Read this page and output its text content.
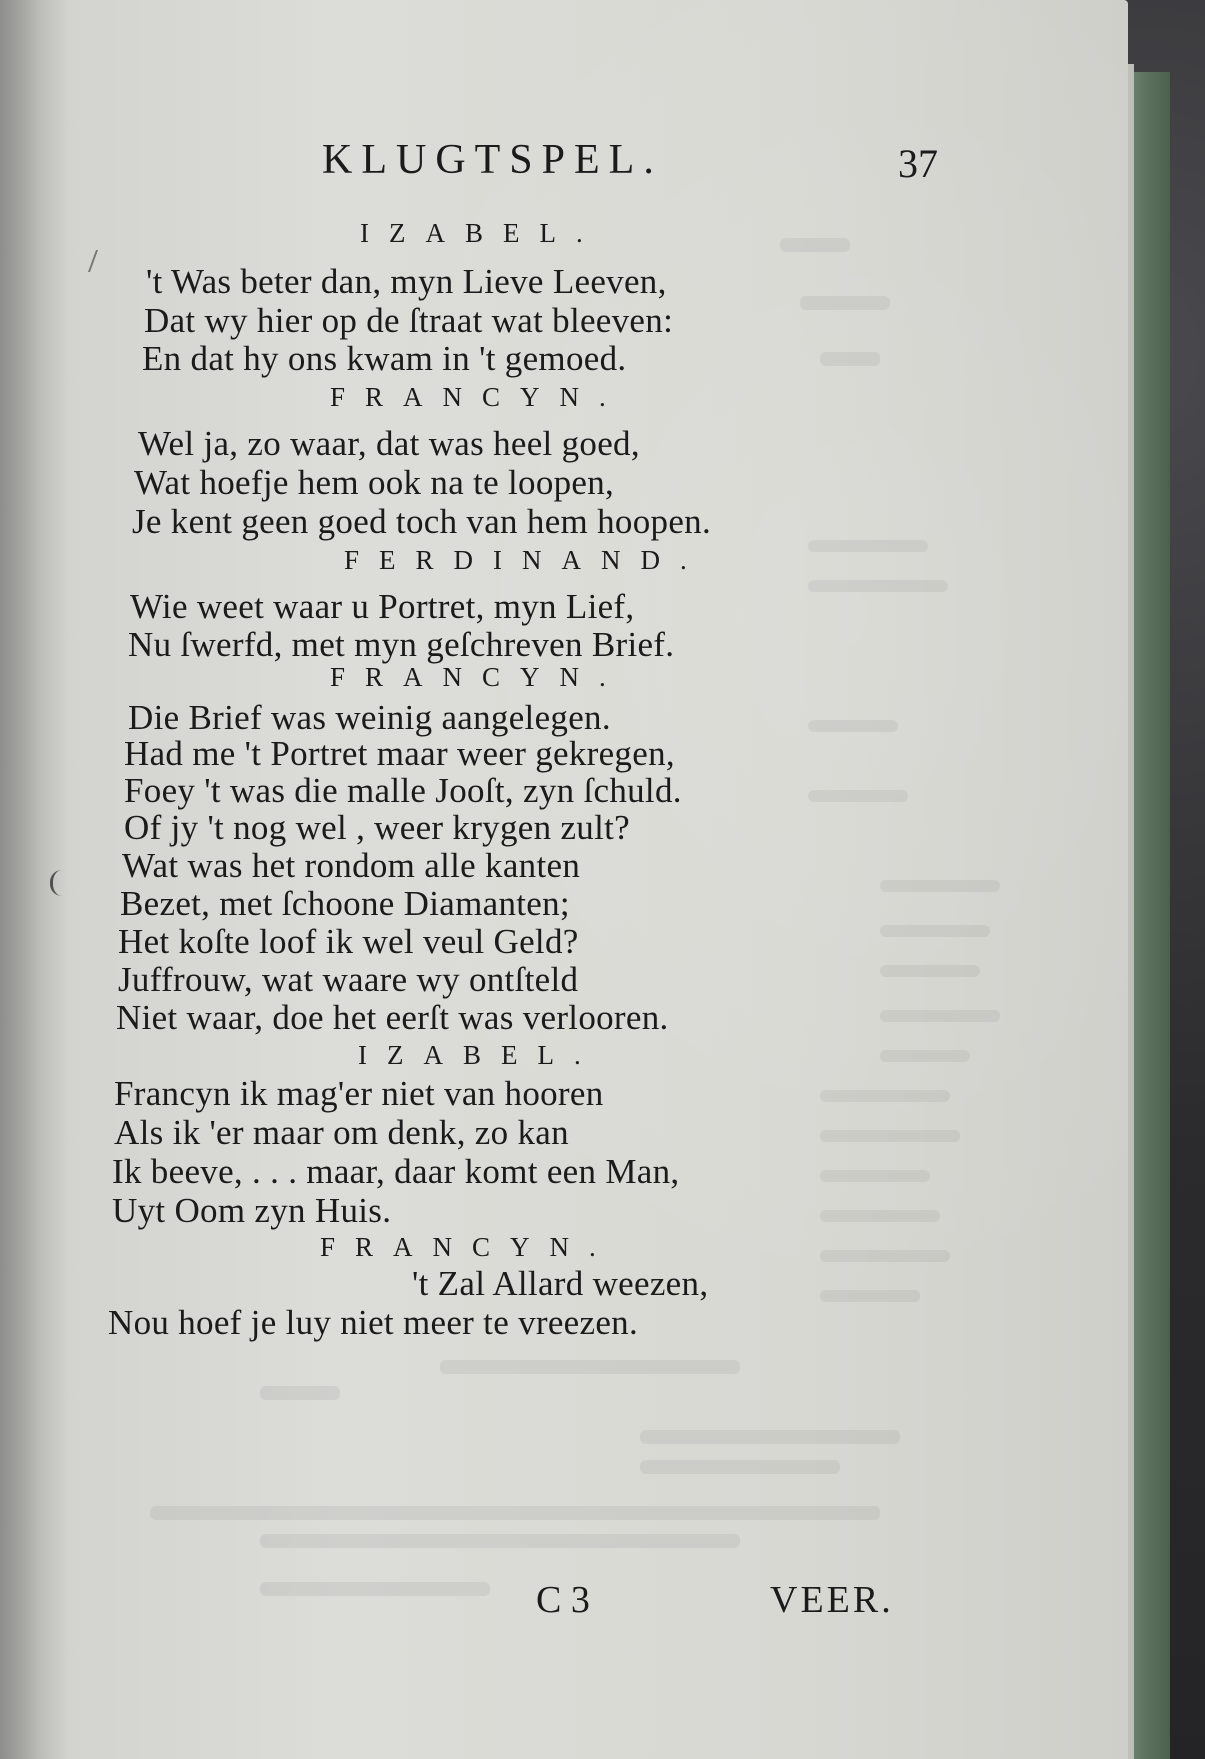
KLUGTSPEL.	37
IZABEL.
't Was beter dan, myn Lieve Leeven,
Dat wy hier op de ſtraat wat bleeven:
En dat hy ons kwam in 't gemoed.
FRANCYN.
Wel ja, zo waar, dat was heel goed,
Wat hoefje hem ook na te loopen,
Je kent geen goed toch van hem hoopen.
FERDINAND.
Wie weet waar u Portret, myn Lief,
Nu ſwerfd, met myn geſchreven Brief.
FRANCYN.
Die Brief was weinig aangelegen.
Had me 't Portret maar weer gekregen,
Foey 't was die malle Jooſt, zyn ſchuld.
Of jy 't nog wel , weer krygen zult?
Wat was het rondom alle kanten
Bezet, met ſchoone Diamanten;
Het koſte loof ik wel veul Geld?
Juffrouw, wat waare wy ontſteld
Niet waar, doe het eerſt was verlooren.
IZABEL.
Francyn ik mag'er niet van hooren
Als ik 'er maar om denk, zo kan
Ik beeve, . . . maar, daar komt een Man,
Uyt Oom zyn Huis.
FRANCYN.
't Zal Allard weezen,
Nou hoef je luy niet meer te vreezen.
C 3	VEER.
